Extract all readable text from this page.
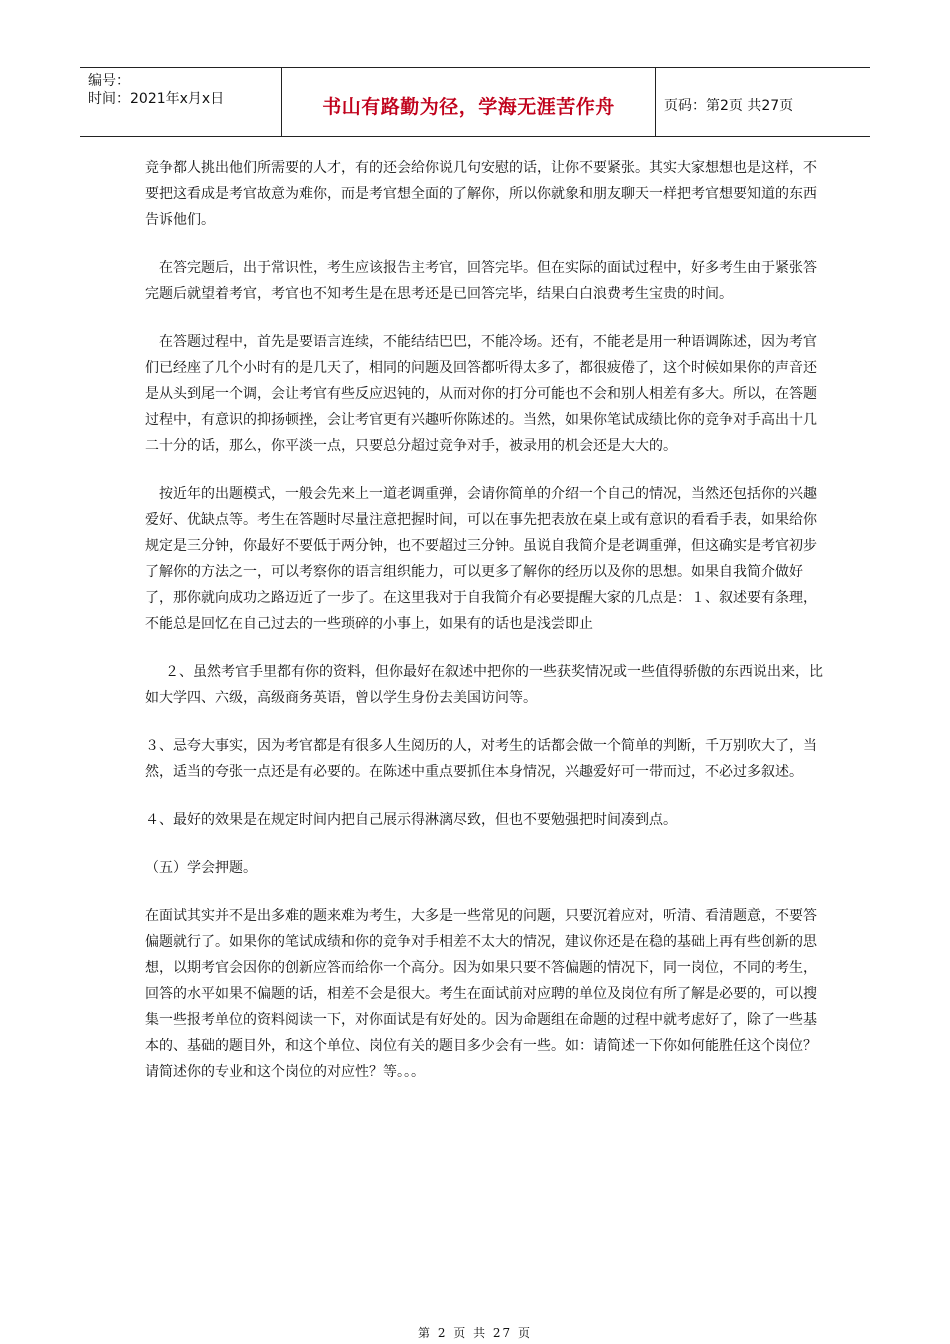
编号：
时间：2021年x月x日	书山有路勤为径，学海无涯苦作舟	页码：第2页 共27页

竞争都人挑出他们所需要的人才，有的还会给你说几句安慰的话，让你不要紧张。其实大家想想也是这样，不要把这看成是考官故意为难你，而是考官想全面的了解你，所以你就象和朋友聊天一样把考官想要知道的东西告诉他们。

在答完题后，出于常识性，考生应该报告主考官，回答完毕。但在实际的面试过程中，好多考生由于紧张答完题后就望着考官，考官也不知考生是在思考还是已回答完毕，结果白白浪费考生宝贵的时间。

在答题过程中，首先是要语言连续，不能结结巴巴，不能冷场。还有，不能老是用一种语调陈述，因为考官们已经座了几个小时有的是几天了，相同的问题及回答都听得太多了，都很疲倦了，这个时候如果你的声音还是从头到尾一个调，会让考官有些反应迟钝的，从而对你的打分可能也不会和别人相差有多大。所以，在答题过程中，有意识的抑扬顿挫，会让考官更有兴趣听你陈述的。当然，如果你笔试成绩比你的竞争对手高出十几二十分的话，那么，你平淡一点，只要总分超过竞争对手，被录用的机会还是大大的。

按近年的出题模式，一般会先来上一道老调重弹，会请你简单的介绍一个自己的情况，当然还包括你的兴趣爱好、优缺点等。考生在答题时尽量注意把握时间，可以在事先把表放在桌上或有意识的看看手表，如果给你规定是三分钟，你最好不要低于两分钟，也不要超过三分钟。虽说自我简介是老调重弹，但这确实是考官初步了解你的方法之一，可以考察你的语言组织能力，可以更多了解你的经历以及你的思想。如果自我简介做好了，那你就向成功之路迈近了一步了。在这里我对于自我简介有必要提醒大家的几点是：１、叙述要有条理，不能总是回忆在自己过去的一些琐碎的小事上，如果有的话也是浅尝即止

２、虽然考官手里都有你的资料，但你最好在叙述中把你的一些获奖情况或一些值得骄傲的东西说出来，比如大学四、六级，高级商务英语，曾以学生身份去美国访问等。

３、忌夸大事实，因为考官都是有很多人生阅历的人，对考生的话都会做一个简单的判断，千万别吹大了，当然，适当的夸张一点还是有必要的。在陈述中重点要抓住本身情况，兴趣爱好可一带而过，不必过多叙述。

４、最好的效果是在规定时间内把自己展示得淋漓尽致，但也不要勉强把时间凑到点。

（五）学会押题。

在面试其实并不是出多难的题来难为考生，大多是一些常见的问题，只要沉着应对，听清、看清题意，不要答偏题就行了。如果你的笔试成绩和你的竞争对手相差不太大的情况，建议你还是在稳的基础上再有些创新的思想，以期考官会因你的创新应答而给你一个高分。因为如果只要不答偏题的情况下，同一岗位，不同的考生，回答的水平如果不偏题的话，相差不会是很大。考生在面试前对应聘的单位及岗位有所了解是必要的，可以搜集一些报考单位的资料阅读一下，对你面试是有好处的。因为命题组在命题的过程中就考虑好了，除了一些基本的、基础的题目外，和这个单位、岗位有关的题目多少会有一些。如：请简述一下你如何能胜任这个岗位？请简述你的专业和这个岗位的对应性？等。。。

第 2 页 共 27 页
